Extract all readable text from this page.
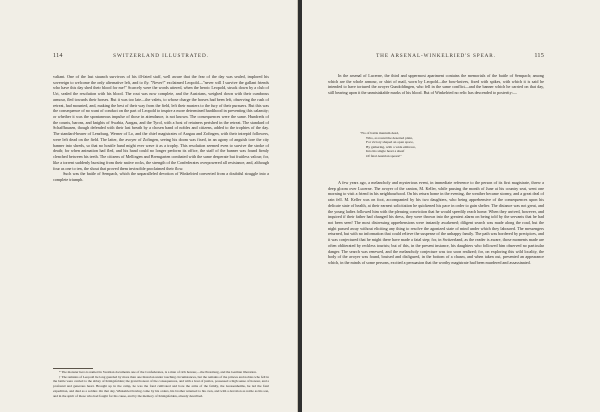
114	SWITZERLAND ILLUSTRATED.

valiant. One of the last staunch survivors of his ill-fated staff, well aware that the fear of the day was sealed, implored his sovereign to welcome the only alternative left, and to fly. "Never!" exclaimed Leopold—"never will I survive the gallant friends who have this day shed their blood for me!" Scarcely were the words uttered, when the heroic Leopold, struck down by a club of Uri, sealed the resolution with his blood. The rout was now complete, and the Austrians, weighed down with their cumbrous armour, fled towards their horses. But it was too late—the valets, to whose charge the horses had been left, observing the rush of retreat, had mounted, and, making the best of their way from the field, left their masters to the fury of their pursuers. But this was the consequence of no want of conduct on the part of Leopold to inspire a more determined hardihood in preventing this calamity; or whether it was the spontaneous impulse of those in attendance, is not known. The consequences were the same. Hundreds of the counts, barons, and knights of Swabia, Aargau, and the Tyrol, with a host of retainers perished in the retreat. The standard of Schaffhausen, though defended with their last breath by a chosen band of nobles and citizens, added to the trophies of the day. The standard-bearer of Lenzburg, Werner of Lo, and the chief magistrates of Aargau and Zofingen, with their intrepid followers, were left dead on the field. The latter, the avoyer of Zofingen, seeing his doom was fixed, in an agony of anguish tore the city banner into shreds, so that no hostile hand might ever wave it as a trophy. This resolution seemed even to survive the stroke of death; for when animation had fled, and his hand could no longer perform its office, the staff of the banner was found firmly clenched between his teeth. The citizens of Mellingen and Bremgarten combated with the same desperate but fruitless valour; for, like a torrent suddenly bursting from their native rocks, the strength of the Confederates overpowered all resistance, and, although four as one to ten, the shout that proved them invincible proclaimed their flow.

Such was the battle of Sempach, which the unparalleled devotion of Winkelried converted from a doubtful struggle into a complete triumph.

* The monster hero is named in Swabian documents one of the Confederates, is a man of rich honour,—the Pressburg, and the German liberation.

† The remains of Leopold lie long guarded by more than one historian under touching circumstances, but the remains of the princes and nobles who fell in the battle were carried to the abbey of Königsfelden; the grand honour of the consequences, and with a host of justice, possessed a high sense of honour, and a profound and generous heart. Brought up in the camp, he was the fond cultivated and bore the arms of the family, the Gressenheims, he led the fatal expedition, and died as a soldier. On that day, Winkelried having come by his orders, his brother returned to his own, and with a devotion as noble as his son, and in the spirit of those who had fought for his cause, and by the memory of Königsfelden, already described.

THE ARSENAL-WINKELRIED'S SPEAR.	115

In the arsenal of Lucerne, the third and uppermost apartment contains the memorials of the battle of Sempach; among which are the whole armour, or shirt of mail, worn by Leopold—the bow-knives, fixed with spikes, with which it is said he intended to have tortured the avoyer Gundoldingen, who fell in the same conflict—and the banner which he carried on that day, still bearing upon it the unmistakable marks of his blood. But of Winkelried no relic has descended to posterity:—

"No of battle mentum dead,
Who, as round the deserted plain,
For victory shaped an open space,
By gathering, with a wide embrace,
Into his single heart a sheaf
Of fatal Austrian spears!"

A few years ago, a melancholy and mysterious event, in immediate reference to the person of its first magistrate, threw a deep gloom over Lucerne. The avoyer of the canton, M. Keller, while passing the month of June at his country seat, went one morning to visit a friend in his neighbourhood. On his return home in the evening, the weather became stormy, and a great deal of rain fell. M. Keller was on foot, accompanied by his two daughters, who being apprehensive of the consequences upon his delicate state of health, at their earnest solicitation he quickened his pace in order to gain shelter. The distance was not great, and the young ladies followed him with the pleasing conviction that he would speedily reach home. When they arrived, however, and inquired if their father had changed his dress, they were thrown into the greatest alarm on being told by the servants that he had not been seen! The most distressing apprehensions were instantly awakened; diligent search was made along the road, but the night passed away without eliciting any thing to resolve the agonized state of mind under which they laboured. The messengers returned, but with no information that could relieve the suspense of the unhappy family. The path was bordered by precipices, and it was conjectured that he might there have made a fatal step; for, in Switzerland, as the reader is aware, those moments made are often obliterated by reckless tourists; but of this, in the present instance, his daughters who followed him observed no particular danger. The search was renewed, and the melancholy conjecture was too soon realized; for, on exploring this wild locality, the body of the avoyer was found, bruised and disfigured, in the bottom of a chasm, and when taken out, presented an appearance which, in the minds of some persons, excited a persuasion that the worthy magistrate had been murdered and assassinated.
